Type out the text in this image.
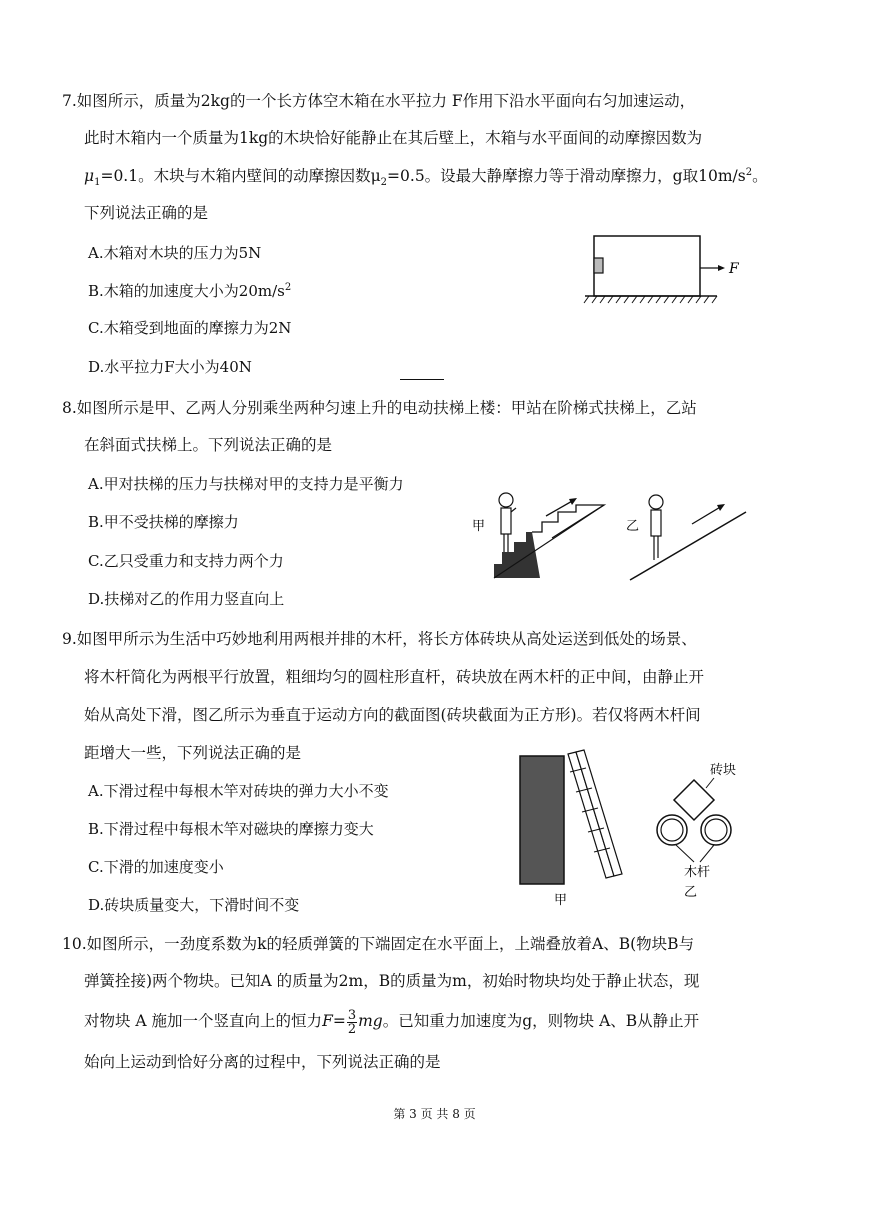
7.如图所示，质量为2kg的一个长方体空木箱在水平拉力 F作用下沿水平面向右匀加速运动，
此时木箱内一个质量为1kg的木块恰好能静止在其后壁上，木箱与水平面间的动摩擦因数为
$\mu_1=0.1$。木块与木箱内壁间的动摩擦因数$\mu_2=0.5$。设最大静摩擦力等于滑动摩擦力，g取$10m/s^2$。
下列说法正确的是
A.木箱对木块的压力为5N
B.木箱的加速度大小为$20m/s^2$
C.木箱受到地面的摩擦力为2N
D.水平拉力F大小为40N
F
8.如图所示是甲、乙两人分别乘坐两种匀速上升的电动扶梯上楼：甲站在阶梯式扶梯上，乙站
在斜面式扶梯上。下列说法正确的是
A.甲对扶梯的压力与扶梯对甲的支持力是平衡力
B.甲不受扶梯的摩擦力
C.乙只受重力和支持力两个力
D.扶梯对乙的作用力竖直向上
甲	乙
9.如图甲所示为生活中巧妙地利用两根并排的木杆，将长方体砖块从高处运送到低处的场景、
将木杆简化为两根平行放置，粗细均匀的圆柱形直杆，砖块放在两木杆的正中间，由静止开
始从高处下滑，图乙所示为垂直于运动方向的截面图(砖块截面为正方形)。若仅将两木杆间
距增大一些，下列说法正确的是
A.下滑过程中每根木竿对砖块的弹力大小不变
B.下滑过程中每根木竿对磁块的摩擦力变大
C.下滑的加速度变小
D.砖块质量变大，下滑时间不变	甲
砖块
木杆
乙
10.如图所示，一劲度系数为k的轻质弹簧的下端固定在水平面上，上端叠放着A、B(物块B与
弹簧拴接)两个物块。已知A 的质量为2m，B的质量为m，初始时物块均处于静止状态，现
对物块 A 施加一个竖直向上的恒力$F= \frac{3}{2}$ mg。已知重力加速度为g，则物块 A、B从静止开
始向上运动到恰好分离的过程中，下列说法正确的是
第 3 页 共 8 页
